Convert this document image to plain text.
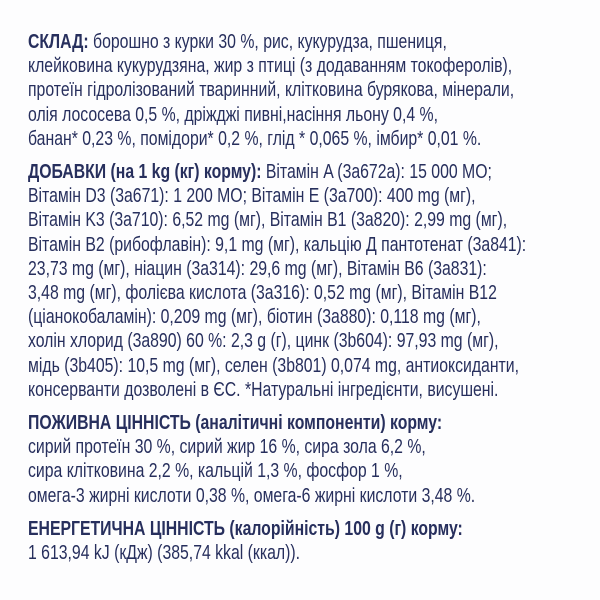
СКЛАД: борошно з курки 30 %, рис, кукурудза, пшениця,
клейковина кукурудзяна, жир з птиці (з додаванням токоферолів),
протеїн гідролізований тваринний, клітковина бурякова, мінерали,
олія лососева 0,5 %, дріжджі пивні,насіння льону 0,4 %,
банан* 0,23 %, помідори* 0,2 %, глід * 0,065 %, імбир* 0,01 %.
ДОБАВКИ (на 1 kg (кг) корму): Вітамін A (3a672a): 15 000 МО;
Вітамін D3 (3a671): 1 200 МО; Вітамін E (3a700): 400 mg (мг),
Вітамін K3 (3a710): 6,52 mg (мг), Вітамін B1 (3a820): 2,99 mg (мг),
Вітамін B2 (рибофлавін): 9,1 mg (мг), кальцію Д пантотенат (3a841):
23,73 mg (мг), ніацин (3a314): 29,6 mg (мг), Вітамін B6 (3a831):
3,48 mg (мг), фолієва кислота (3a316): 0,52 mg (мг), Вітамін B12
(ціанокобаламін): 0,209 mg (мг), біотин (3a880): 0,118 mg (мг),
холін хлорид (3a890) 60 %: 2,3 g (г), цинк (3b604): 97,93 mg (мг),
мідь (3b405): 10,5 mg (мг), селен (3b801) 0,074 mg, антиоксиданти,
консерванти дозволені в ЄС. *Натуральні інгредієнти, висушені.
ПОЖИВНА ЦІННІСТЬ (аналітичні компоненти) корму:
сирий протеїн 30 %, сирий жир 16 %, сира зола 6,2 %,
сира клітковина 2,2 %, кальцій 1,3 %, фосфор 1 %,
омега-3 жирні кислоти 0,38 %, омега-6 жирні кислоти 3,48 %.
ЕНЕРГЕТИЧНА ЦІННІСТЬ (калорійність) 100 g (г) корму:
1 613,94 kJ (кДж) (385,74 kkal (ккал)).
